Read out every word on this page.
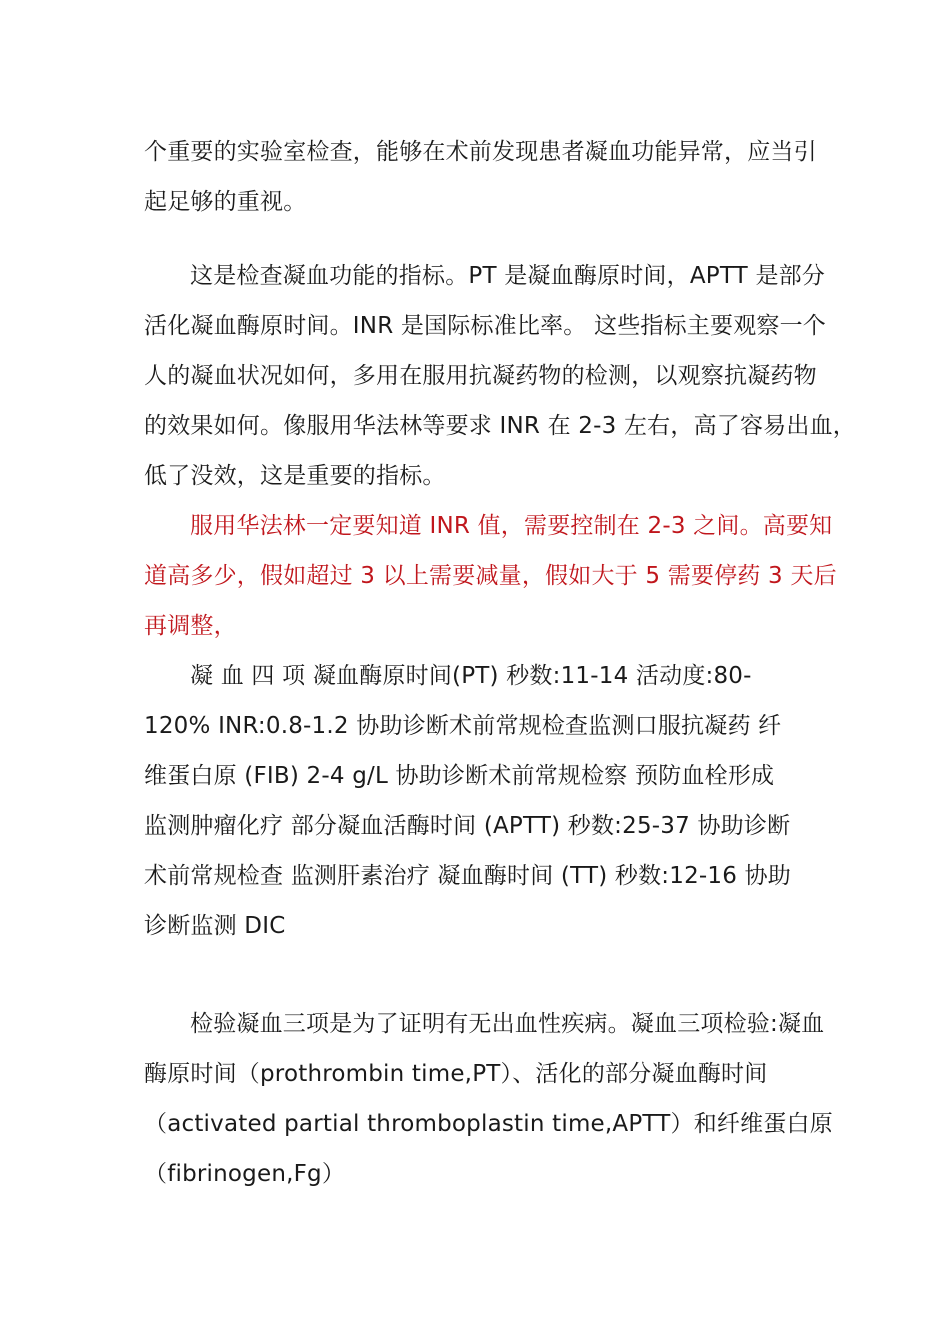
个重要的实验室检查，能够在术前发现患者凝血功能异常，应当引
起足够的重视。
这是检查凝血功能的指标。PT 是凝血酶原时间，APTT 是部分
活化凝血酶原时间。INR 是国际标准比率。 这些指标主要观察一个
人的凝血状况如何，多用在服用抗凝药物的检测，以观察抗凝药物
的效果如何。像服用华法林等要求 INR 在 2-3 左右，高了容易出血，
低了没效，这是重要的指标。
服用华法林一定要知道 INR 值，需要控制在 2-3 之间。高要知
道高多少，假如超过 3 以上需要减量，假如大于 5 需要停药 3 天后
再调整，
凝 血 四 项 凝血酶原时间(PT) 秒数:11-14 活动度:80-
120% INR:0.8-1.2 协助诊断术前常规检查监测口服抗凝药 纤
维蛋白原 (FIB) 2-4 g/L 协助诊断术前常规检察 预防血栓形成
监测肿瘤化疗 部分凝血活酶时间 (APTT) 秒数:25-37 协助诊断
术前常规检查 监测肝素治疗 凝血酶时间 (TT) 秒数:12-16 协助
诊断监测 DIC
检验凝血三项是为了证明有无出血性疾病。凝血三项检验:凝血
酶原时间（prothrombin time,PT）、活化的部分凝血酶时间
（activated partial thromboplastin time,APTT）和纤维蛋白原
（fibrinogen,Fg）
